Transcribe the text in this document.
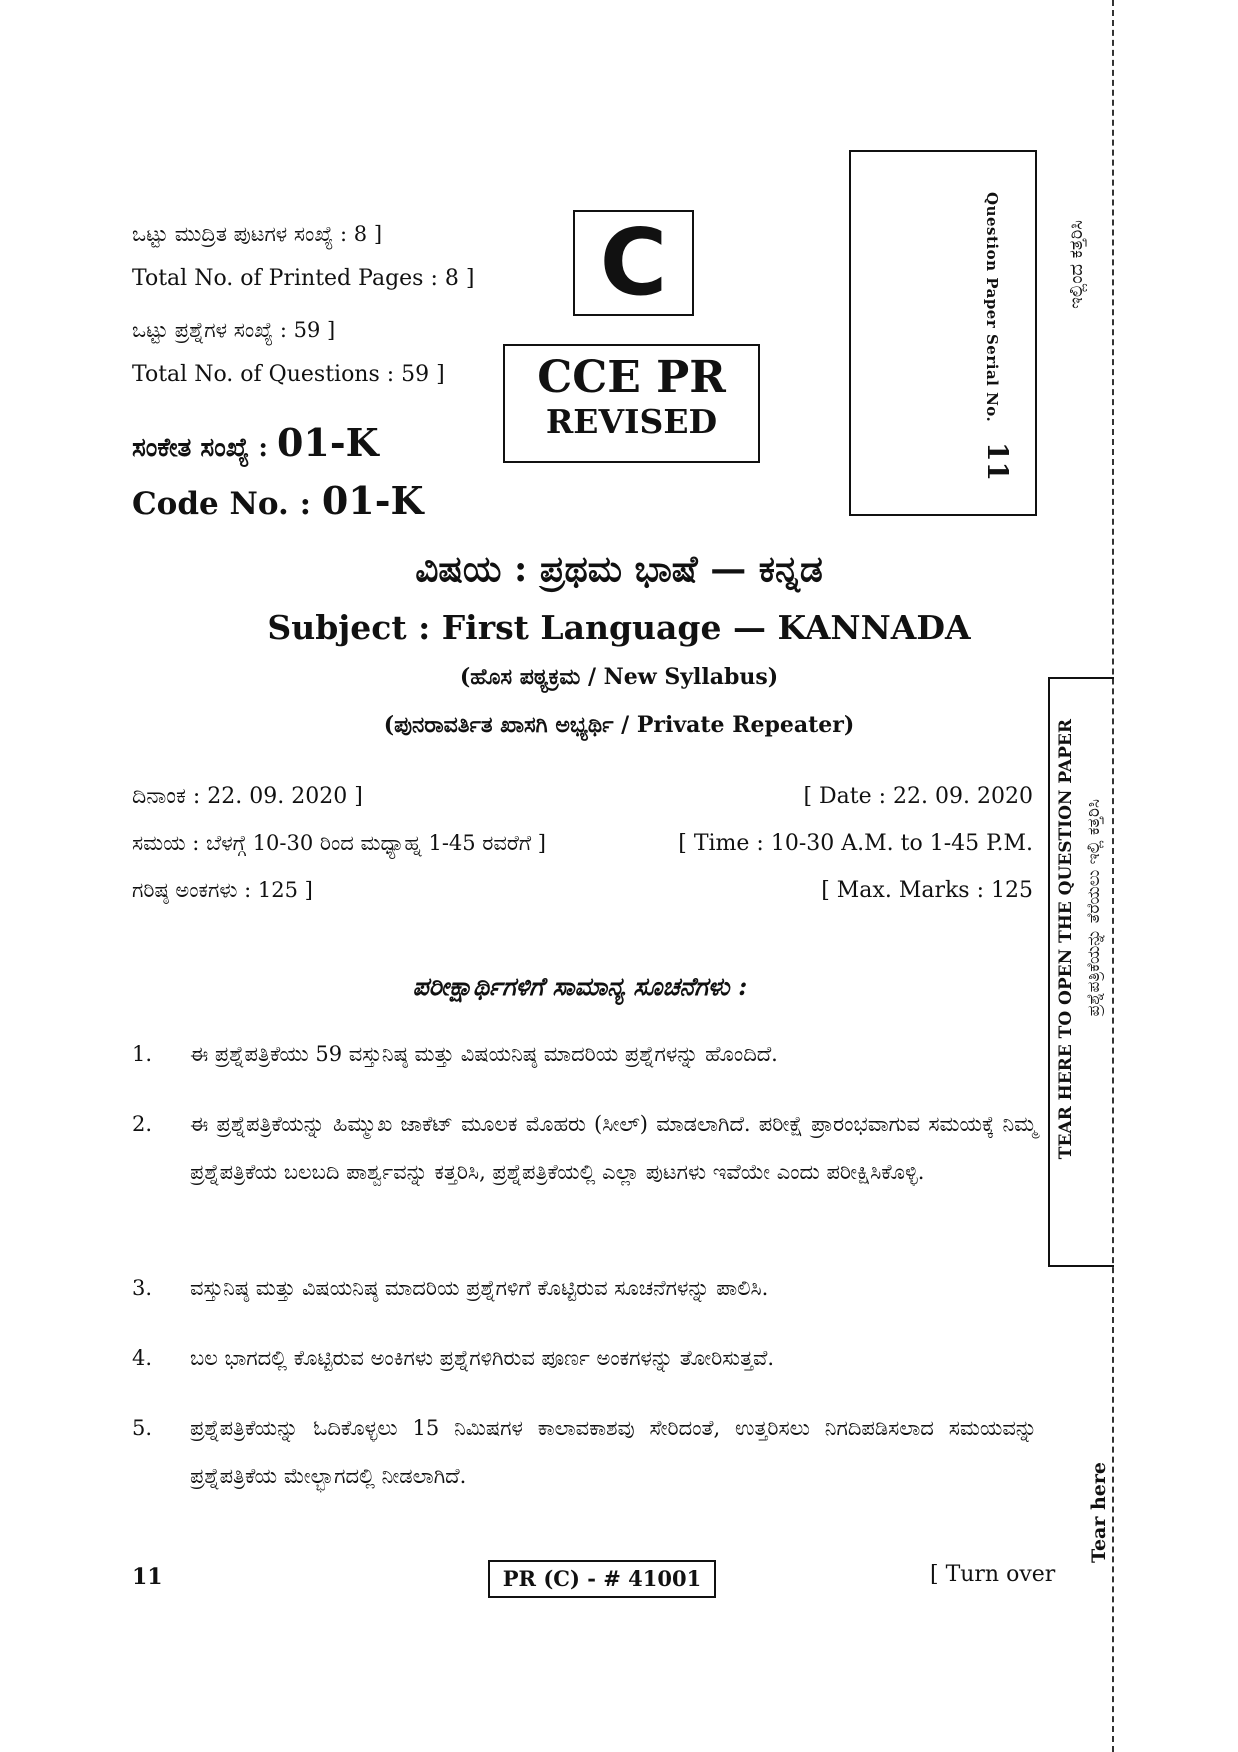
ಒಟ್ಟು ಮುದ್ರಿತ ಪುಟಗಳ ಸಂಖ್ಯೆ : 8 ]
Total No. of Printed Pages : 8 ]
ಒಟ್ಟು ಪ್ರಶ್ನೆಗಳ ಸಂಖ್ಯೆ : 59 ]
Total No. of Questions : 59 ]
ಸಂಕೇತ ಸಂಖ್ಯೆ : 01-K
Code No. : 01-K
C
CCE PR
REVISED	Question Paper Serial No.
11
ಇಲ್ಲಿಂದ ಕತ್ತರಿಸಿ
TEAR HERE TO OPEN THE QUESTION PAPER ಪ್ರಶ್ನೆಪತ್ರಿಕೆಯನ್ನು ತೆರೆಯಲು ಇಲ್ಲಿ ಕತ್ತರಿಸಿ
Tear here
ವಿಷಯ : ಪ್ರಥಮ ಭಾಷೆ — ಕನ್ನಡ
Subject : First Language — KANNADA
(ಹೊಸ ಪಠ್ಯಕ್ರಮ / New Syllabus)
(ಪುನರಾವರ್ತಿತ ಖಾಸಗಿ ಅಭ್ಯರ್ಥಿ / Private Repeater)
ದಿನಾಂಕ : 22. 09. 2020 ]	[ Date : 22. 09. 2020
ಸಮಯ : ಬೆಳಗ್ಗೆ 10-30 ರಿಂದ ಮಧ್ಯಾಹ್ನ 1-45 ರವರೆಗೆ ]	[ Time : 10-30 A.M. to 1-45 P.M.
ಗರಿಷ್ಠ ಅಂಕಗಳು : 125 ]	[ Max. Marks : 125
ಪರೀಕ್ಷಾರ್ಥಿಗಳಿಗೆ ಸಾಮಾನ್ಯ ಸೂಚನೆಗಳು :
1. ಈ ಪ್ರಶ್ನೆಪತ್ರಿಕೆಯು 59 ವಸ್ತುನಿಷ್ಠ ಮತ್ತು ವಿಷಯನಿಷ್ಠ ಮಾದರಿಯ ಪ್ರಶ್ನೆಗಳನ್ನು ಹೊಂದಿದೆ.
2. ಈ ಪ್ರಶ್ನೆಪತ್ರಿಕೆಯನ್ನು ಹಿಮ್ಮುಖ ಜಾಕೆಟ್ ಮೂಲಕ ಮೊಹರು (ಸೀಲ್) ಮಾಡಲಾಗಿದೆ. ಪರೀಕ್ಷೆ ಪ್ರಾರಂಭವಾಗುವ ಸಮಯಕ್ಕೆ ನಿಮ್ಮ ಪ್ರಶ್ನೆಪತ್ರಿಕೆಯ ಬಲಬದಿ ಪಾರ್ಶ್ವವನ್ನು ಕತ್ತರಿಸಿ, ಪ್ರಶ್ನೆಪತ್ರಿಕೆಯಲ್ಲಿ ಎಲ್ಲಾ ಪುಟಗಳು ಇವೆಯೇ ಎಂದು ಪರೀಕ್ಷಿಸಿಕೊಳ್ಳಿ.
3. ವಸ್ತುನಿಷ್ಠ ಮತ್ತು ವಿಷಯನಿಷ್ಠ ಮಾದರಿಯ ಪ್ರಶ್ನೆಗಳಿಗೆ ಕೊಟ್ಟಿರುವ ಸೂಚನೆಗಳನ್ನು ಪಾಲಿಸಿ.
4. ಬಲ ಭಾಗದಲ್ಲಿ ಕೊಟ್ಟಿರುವ ಅಂಕಿಗಳು ಪ್ರಶ್ನೆಗಳಿಗಿರುವ ಪೂರ್ಣ ಅಂಕಗಳನ್ನು ತೋರಿಸುತ್ತವೆ.
5. ಪ್ರಶ್ನೆಪತ್ರಿಕೆಯನ್ನು ಓದಿಕೊಳ್ಳಲು 15 ನಿಮಿಷಗಳ ಕಾಲಾವಕಾಶವು ಸೇರಿದಂತೆ, ಉತ್ತರಿಸಲು ನಿಗದಿಪಡಿಸಲಾದ ಸಮಯವನ್ನು ಪ್ರಶ್ನೆಪತ್ರಿಕೆಯ ಮೇಲ್ಭಾಗದಲ್ಲಿ ನೀಡಲಾಗಿದೆ.
11	PR (C) - # 41001	[ Turn over
